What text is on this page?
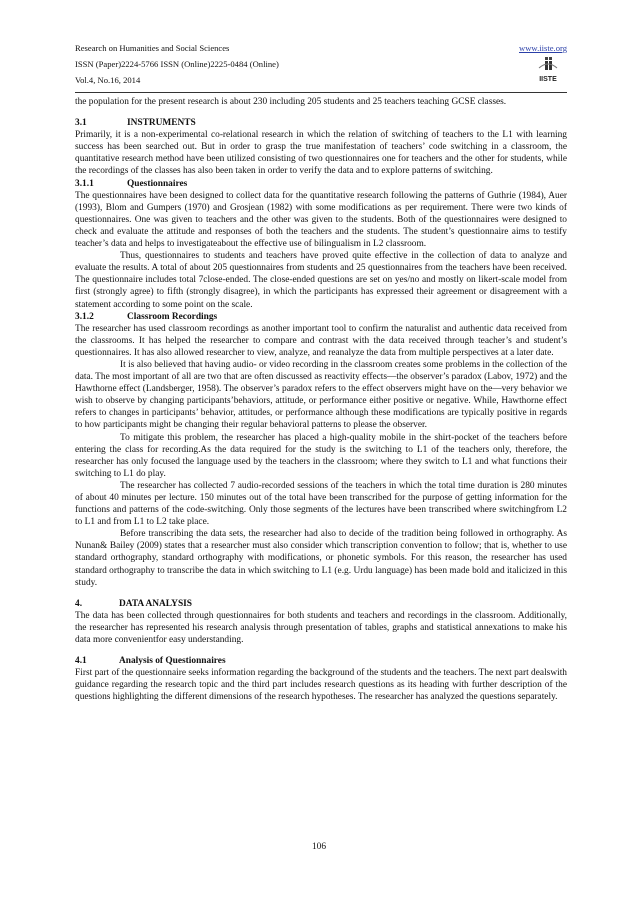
Research on Humanities and Social Sciences
ISSN (Paper)2224-5766 ISSN (Online)2225-0484 (Online)
Vol.4, No.16, 2014
www.iiste.org
IISTE

the population for the present research is about 230 including 205 students and 25 teachers teaching GCSE classes.

3.1	INSTRUMENTS

Primarily, it is a non-experimental co-relational research in which the relation of switching of teachers to the L1 with learning success has been searched out. But in order to grasp the true manifestation of teachers’ code switching in a classroom, the quantitative research method have been utilized consisting of two questionnaires one for teachers and the other for students, while the recordings of the classes has also been taken in order to verify the data and to explore patterns of switching.

3.1.1	Questionnaires

The questionnaires have been designed to collect data for the quantitative research following the patterns of Guthrie (1984), Auer (1993), Blom and Gumpers (1970) and Grosjean (1982) with some modifications as per requirement. There were two kinds of questionnaires. One was given to teachers and the other was given to the students. Both of the questionnaires were designed to check and evaluate the attitude and responses of both the teachers and the students. The student’s questionnaire aims to testify teacher’s data and helps to investigateabout the effective use of bilingualism in L2 classroom.

Thus, questionnaires to students and teachers have proved quite effective in the collection of data to analyze and evaluate the results. A total of about 205 questionnaires from students and 25 questionnaires from the teachers have been received. The questionnaire includes total 7close-ended. The close-ended questions are set on yes/no and mostly on likert-scale model from first (strongly agree) to fifth (strongly disagree), in which the participants has expressed their agreement or disagreement with a statement according to some point on the scale.

3.1.2	Classroom Recordings

The researcher has used classroom recordings as another important tool to confirm the naturalist and authentic data received from the classrooms. It has helped the researcher to compare and contrast with the data received through teacher’s and student’s questionnaires. It has also allowed researcher to view, analyze, and reanalyze the data from multiple perspectives at a later date.

It is also believed that having audio- or video recording in the classroom creates some problems in the collection of the data. The most important of all are two that are often discussed as reactivity effects—the observer’s paradox (Labov, 1972) and the Hawthorne effect (Landsberger, 1958). The observer’s paradox refers to the effect observers might have on the—very behavior we wish to observe by changing participants’behaviors, attitude, or performance either positive or negative. While, Hawthorne effect refers to changes in participants’ behavior, attitudes, or performance although these modifications are typically positive in regards to how participants might be changing their regular behavioral patterns to please the observer.

To mitigate this problem, the researcher has placed a high-quality mobile in the shirt-pocket of the teachers before entering the class for recording.As the data required for the study is the switching to L1 of the teachers only, therefore, the researcher has only focused the language used by the teachers in the classroom; where they switch to L1 and what functions their switching to L1 do play.

The researcher has collected 7 audio-recorded sessions of the teachers in which the total time duration is 280 minutes of about 40 minutes per lecture. 150 minutes out of the total have been transcribed for the purpose of getting information for the functions and patterns of the code-switching. Only those segments of the lectures have been transcribed where switchingfrom L2 to L1 and from L1 to L2 take place.

Before transcribing the data sets, the researcher had also to decide of the tradition being followed in orthography. As Nunan& Bailey (2009) states that a researcher must also consider which transcription convention to follow; that is, whether to use standard orthography, standard orthography with modifications, or phonetic symbols. For this reason, the researcher has used standard orthography to transcribe the data in which switching to L1 (e.g. Urdu language) has been made bold and italicized in this study.

4.	DATA ANALYSIS

The data has been collected through questionnaires for both students and teachers and recordings in the classroom. Additionally, the researcher has represented his research analysis through presentation of tables, graphs and statistical annexations to make his data more convenientfor easy understanding.

4.1	Analysis of Questionnaires

First part of the questionnaire seeks information regarding the background of the students and the teachers. The next part dealswith guidance regarding the research topic and the third part includes research questions as its heading with further description of the questions highlighting the different dimensions of the research hypotheses. The researcher has analyzed the questions separately.

106
